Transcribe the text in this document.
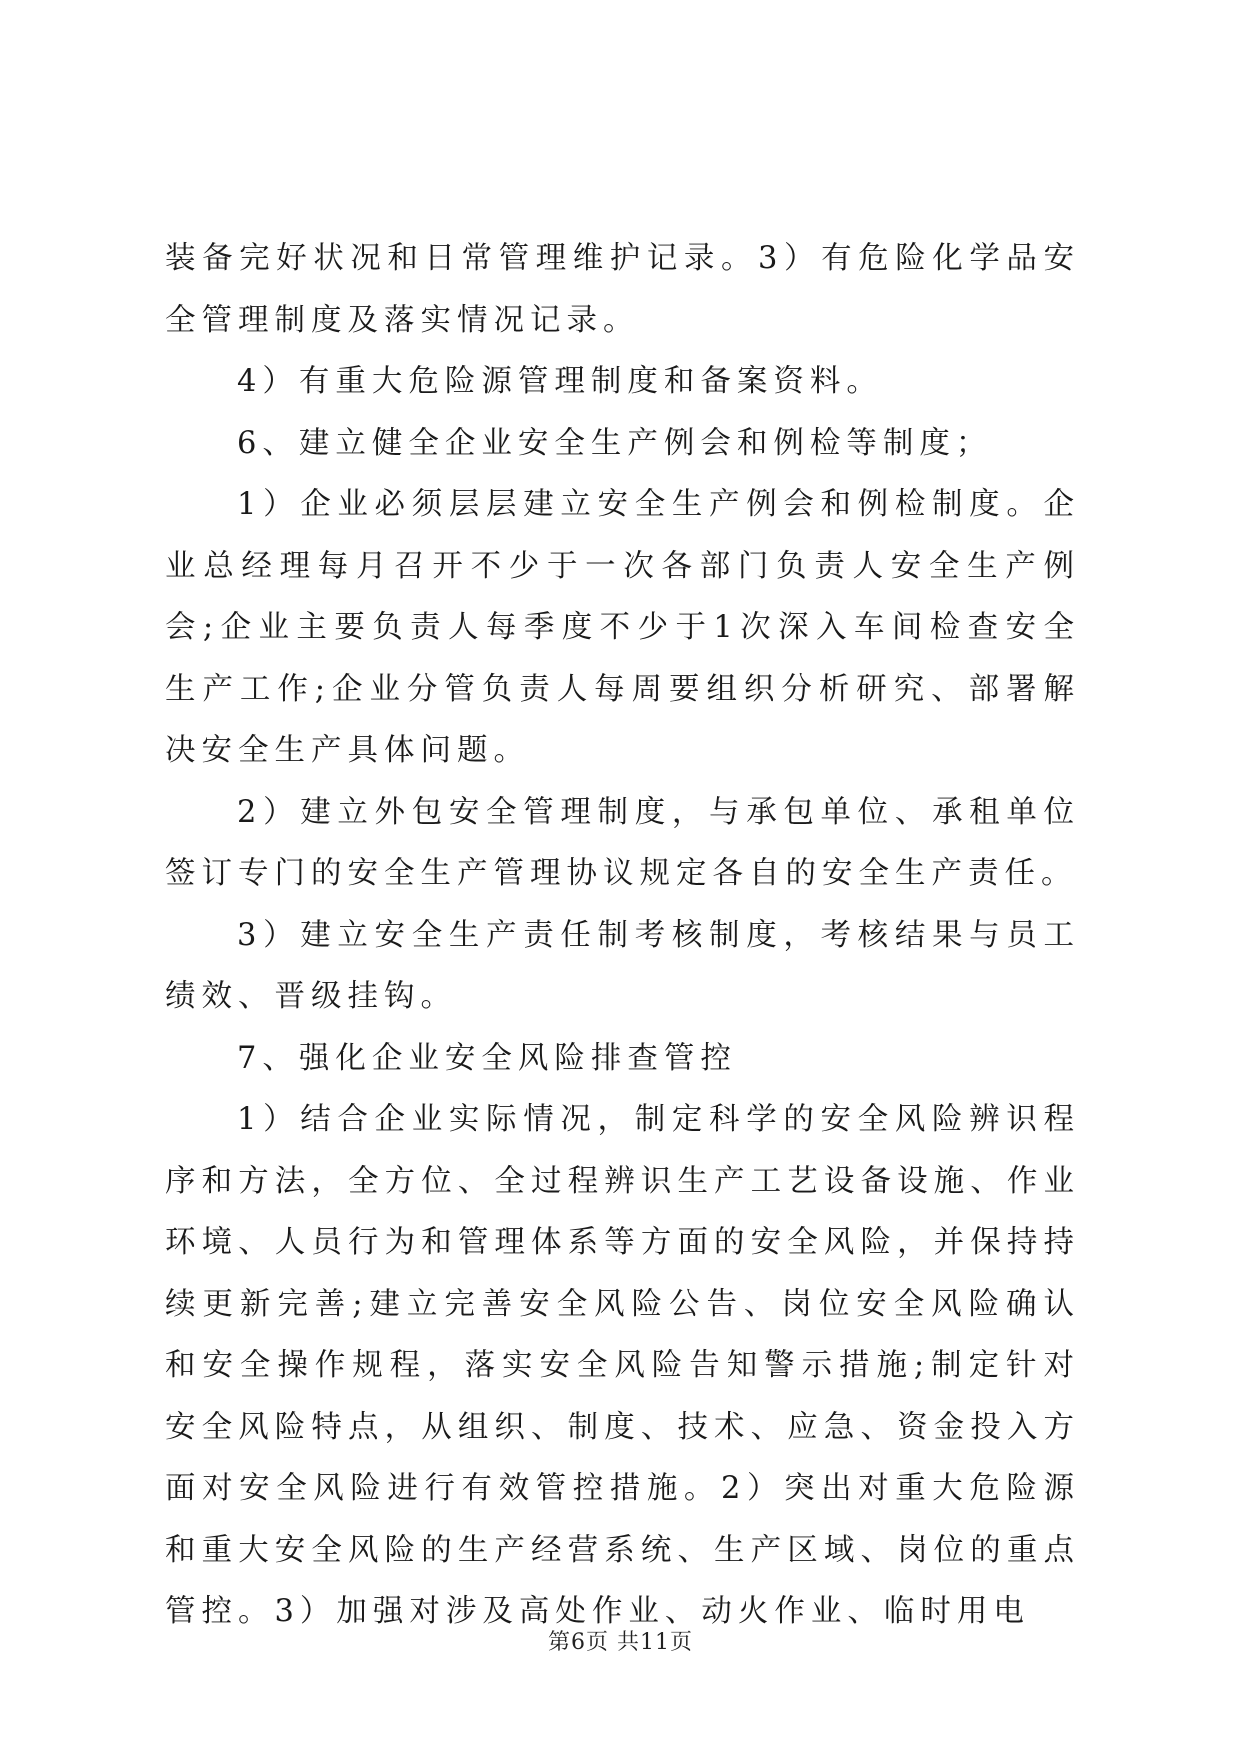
装备完好状况和日常管理维护记录。3）有危险化学品安全管理制度及落实情况记录。

4）有重大危险源管理制度和备案资料。

6、建立健全企业安全生产例会和例检等制度；

1）企业必须层层建立安全生产例会和例检制度。企业总经理每月召开不少于一次各部门负责人安全生产例会;企业主要负责人每季度不少于1次深入车间检查安全生产工作;企业分管负责人每周要组织分析研究、部署解决安全生产具体问题。

2）建立外包安全管理制度，与承包单位、承租单位签订专门的安全生产管理协议规定各自的安全生产责任。

3）建立安全生产责任制考核制度，考核结果与员工绩效、晋级挂钩。

7、强化企业安全风险排查管控

1）结合企业实际情况，制定科学的安全风险辨识程序和方法，全方位、全过程辨识生产工艺设备设施、作业环境、人员行为和管理体系等方面的安全风险，并保持持续更新完善;建立完善安全风险公告、岗位安全风险确认和安全操作规程，落实安全风险告知警示措施;制定针对安全风险特点，从组织、制度、技术、应急、资金投入方面对安全风险进行有效管控措施。2）突出对重大危险源和重大安全风险的生产经营系统、生产区域、岗位的重点管控。3）加强对涉及高处作业、动火作业、临时用电

第6页 共11页
